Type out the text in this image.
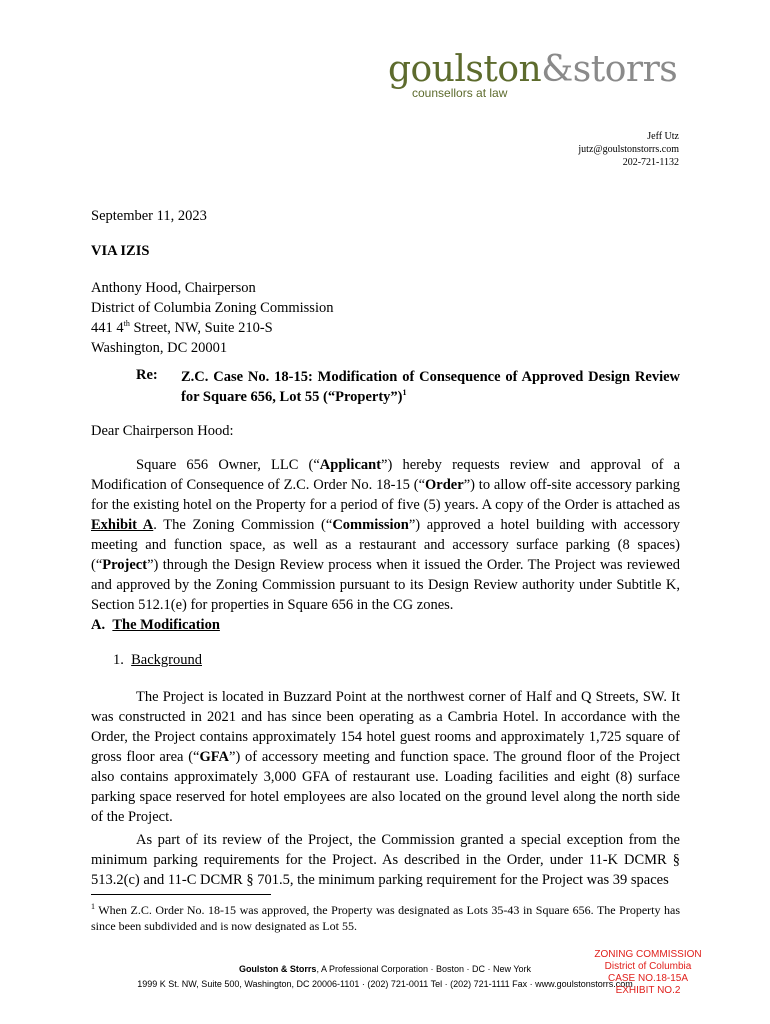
goulston&storrs
counsellors at law
Jeff Utz
jutz@goulstonstorrs.com
202-721-1132
September 11, 2023
VIA IZIS
Anthony Hood, Chairperson
District of Columbia Zoning Commission
441 4th Street, NW, Suite 210-S
Washington, DC 20001
Re: Z.C. Case No. 18-15: Modification of Consequence of Approved Design Review for Square 656, Lot 55 (“Property”)$^1$
Dear Chairperson Hood:
Square 656 Owner, LLC (“Applicant”) hereby requests review and approval of a Modification of Consequence of Z.C. Order No. 18-15 (“Order”) to allow off-site accessory parking for the existing hotel on the Property for a period of five (5) years. A copy of the Order is attached as Exhibit A. The Zoning Commission (“Commission”) approved a hotel building with accessory meeting and function space, as well as a restaurant and accessory surface parking (8 spaces) (“Project”) through the Design Review process when it issued the Order. The Project was reviewed and approved by the Zoning Commission pursuant to its Design Review authority under Subtitle K, Section 512.1(e) for properties in Square 656 in the CG zones.
A. The Modification
1. Background
The Project is located in Buzzard Point at the northwest corner of Half and Q Streets, SW. It was constructed in 2021 and has since been operating as a Cambria Hotel. In accordance with the Order, the Project contains approximately 154 hotel guest rooms and approximately 1,725 square of gross floor area (“GFA”) of accessory meeting and function space. The ground floor of the Project also contains approximately 3,000 GFA of restaurant use. Loading facilities and eight (8) surface parking space reserved for hotel employees are also located on the ground level along the north side of the Project.
As part of its review of the Project, the Commission granted a special exception from the minimum parking requirements for the Project. As described in the Order, under 11-K DCMR § 513.2(c) and 11-C DCMR § 701.5, the minimum parking requirement for the Project was 39 spaces
$^1$ When Z.C. Order No. 18-15 was approved, the Property was designated as Lots 35-43 in Square 656. The Property has since been subdivided and is now designated as Lot 55.
Goulston & Storrs, A Professional Corporation · Boston · DC · New York
1999 K St. NW, Suite 500, Washington, DC 20006-1101 · (202) 721-0011 Tel · (202) 721-1111 Fax · www.goulstonstorrs.com
ZONING COMMISSION
District of Columbia
CASE NO.18-15A
EXHIBIT NO.2
